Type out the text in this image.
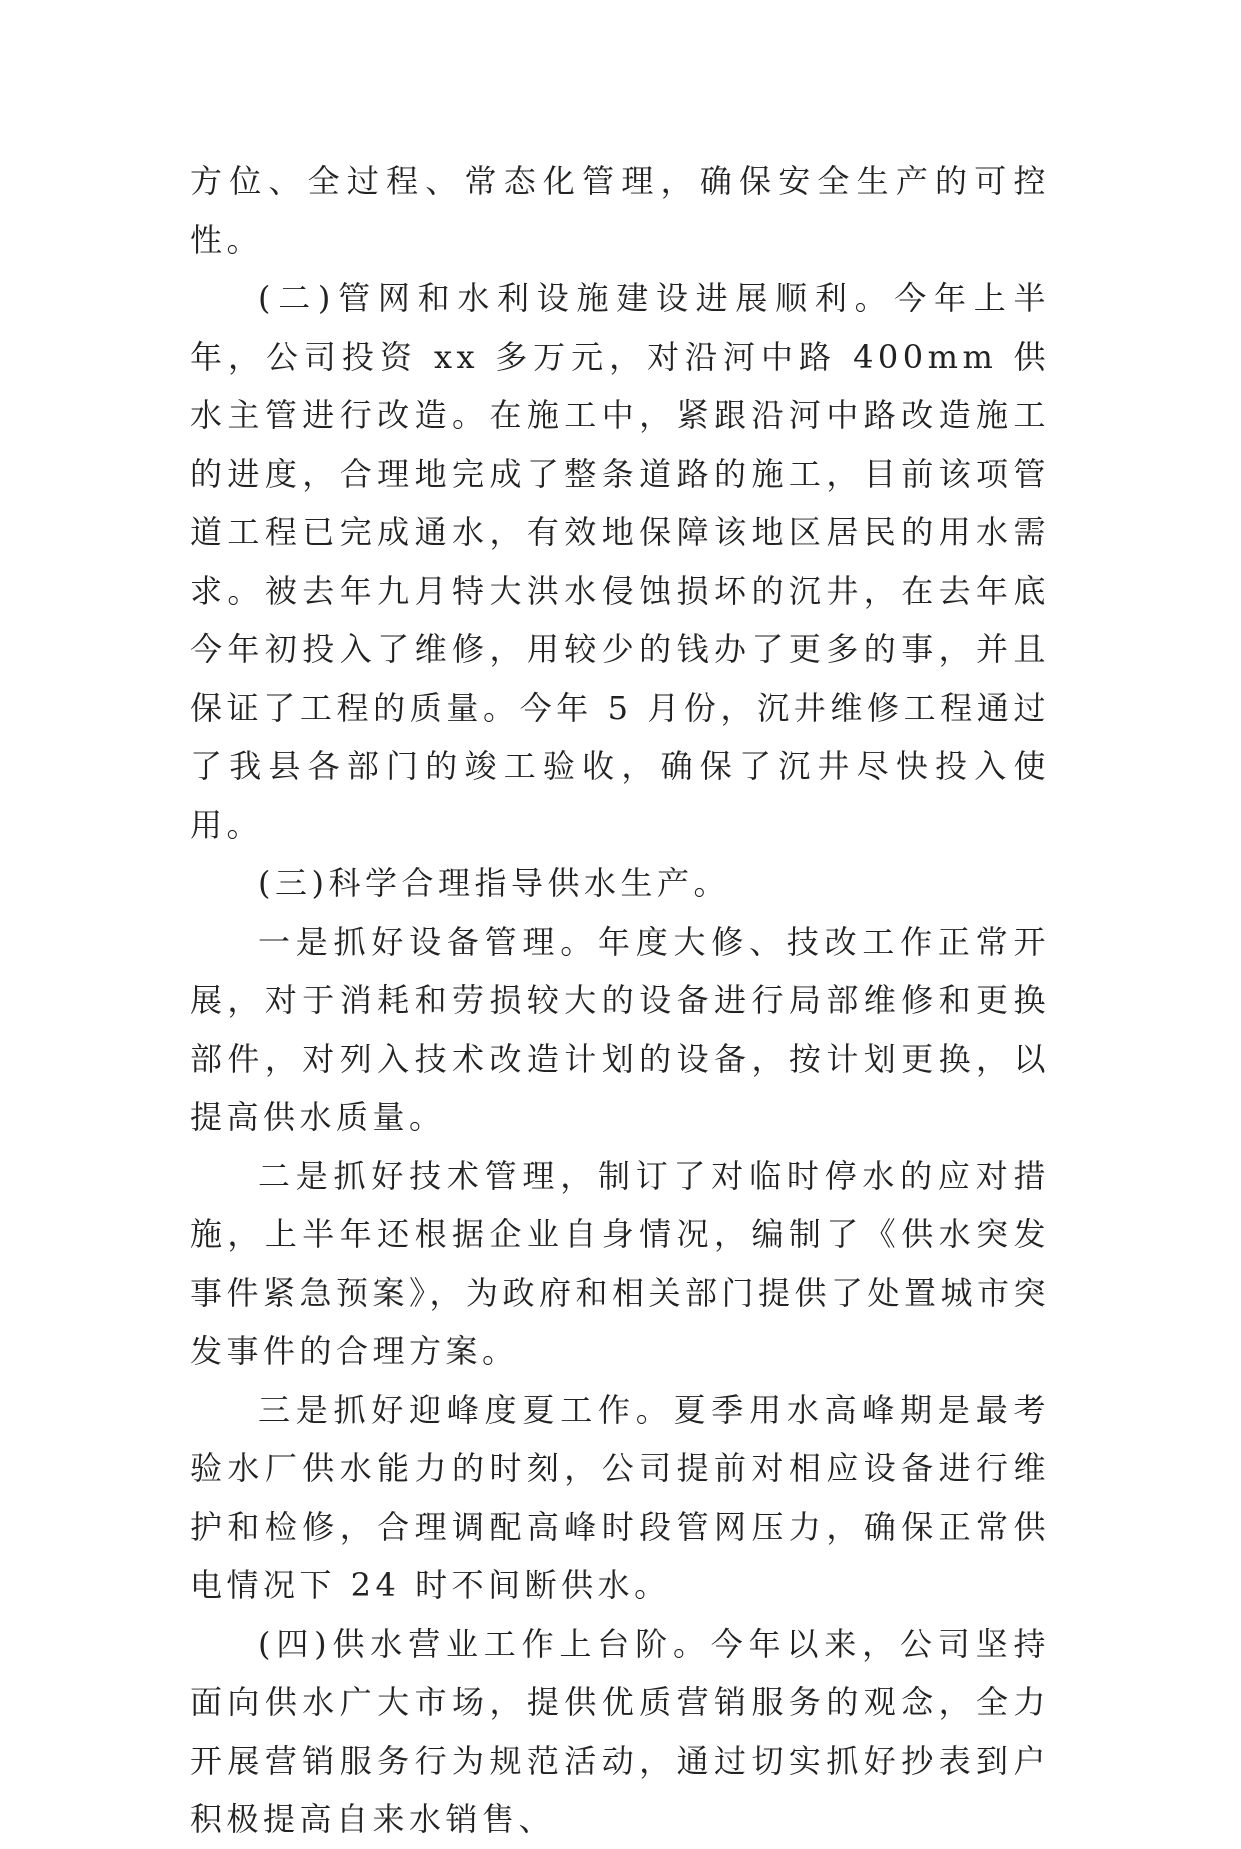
方位、全过程、常态化管理，确保安全生产的可控性。

(二)管网和水利设施建设进展顺利。今年上半年，公司投资 xx 多万元，对沿河中路 400mm 供水主管进行改造。在施工中，紧跟沿河中路改造施工的进度，合理地完成了整条道路的施工，目前该项管道工程已完成通水，有效地保障该地区居民的用水需求。被去年九月特大洪水侵蚀损坏的沉井，在去年底今年初投入了维修，用较少的钱办了更多的事，并且保证了工程的质量。今年 5 月份，沉井维修工程通过了我县各部门的竣工验收，确保了沉井尽快投入使用。

(三)科学合理指导供水生产。

一是抓好设备管理。年度大修、技改工作正常开展，对于消耗和劳损较大的设备进行局部维修和更换部件，对列入技术改造计划的设备，按计划更换，以提高供水质量。

二是抓好技术管理，制订了对临时停水的应对措施，上半年还根据企业自身情况，编制了《供水突发事件紧急预案》，为政府和相关部门提供了处置城市突发事件的合理方案。

三是抓好迎峰度夏工作。夏季用水高峰期是最考验水厂供水能力的时刻，公司提前对相应设备进行维护和检修，合理调配高峰时段管网压力，确保正常供电情况下 24 时不间断供水。

(四)供水营业工作上台阶。今年以来，公司坚持面向供水广大市场，提供优质营销服务的观念，全力开展营销服务行为规范活动，通过切实抓好抄表到户积极提高自来水销售、
